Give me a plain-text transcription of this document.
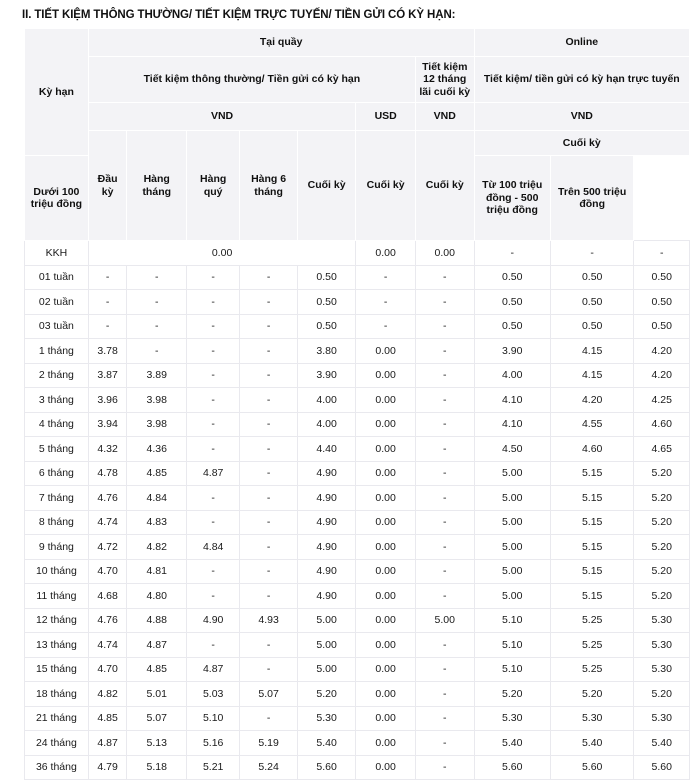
II. TIẾT KIỆM THÔNG THƯỜNG/ TIẾT KIỆM TRỰC TUYẾN/ TIỀN GỬI CÓ KỲ HẠN:
Kỳ hạn	Tại quầy							Online		
	Tiết kiệm thông thường/ Tiền gửi có kỳ hạn						Tiết kiệm 12 tháng lãi cuối kỳ	Tiết kiệm/ tiền gửi có kỳ hạn trực tuyến		
	VND					USD	VND	VND		
	Đầu kỳ	Hàng tháng	Hàng quý	Hàng 6 tháng	Cuối kỳ	Cuối kỳ	Cuối kỳ	Cuối kỳ		
Dưới 100 triệu đồng								Từ 100 triệu đồng - 500 triệu đồng	Trên 500 triệu đồng	
KKH	0.00					0.00	0.00	-	-	-
01 tuần	-	-	-	-	0.50	-	-	0.50	0.50	0.50
02 tuần	-	-	-	-	0.50	-	-	0.50	0.50	0.50
03 tuần	-	-	-	-	0.50	-	-	0.50	0.50	0.50
1 tháng	3.78	-	-	-	3.80	0.00	-	3.90	4.15	4.20
2 tháng	3.87	3.89	-	-	3.90	0.00	-	4.00	4.15	4.20
3 tháng	3.96	3.98	-	-	4.00	0.00	-	4.10	4.20	4.25
4 tháng	3.94	3.98	-	-	4.00	0.00	-	4.10	4.55	4.60
5 tháng	4.32	4.36	-	-	4.40	0.00	-	4.50	4.60	4.65
6 tháng	4.78	4.85	4.87	-	4.90	0.00	-	5.00	5.15	5.20
7 tháng	4.76	4.84	-	-	4.90	0.00	-	5.00	5.15	5.20
8 tháng	4.74	4.83	-	-	4.90	0.00	-	5.00	5.15	5.20
9 tháng	4.72	4.82	4.84	-	4.90	0.00	-	5.00	5.15	5.20
10 tháng	4.70	4.81	-	-	4.90	0.00	-	5.00	5.15	5.20
11 tháng	4.68	4.80	-	-	4.90	0.00	-	5.00	5.15	5.20
12 tháng	4.76	4.88	4.90	4.93	5.00	0.00	5.00	5.10	5.25	5.30
13 tháng	4.74	4.87	-	-	5.00	0.00	-	5.10	5.25	5.30
15 tháng	4.70	4.85	4.87	-	5.00	0.00	-	5.10	5.25	5.30
18 tháng	4.82	5.01	5.03	5.07	5.20	0.00	-	5.20	5.20	5.20
21 tháng	4.85	5.07	5.10	-	5.30	0.00	-	5.30	5.30	5.30
24 tháng	4.87	5.13	5.16	5.19	5.40	0.00	-	5.40	5.40	5.40
36 tháng	4.79	5.18	5.21	5.24	5.60	0.00	-	5.60	5.60	5.60
